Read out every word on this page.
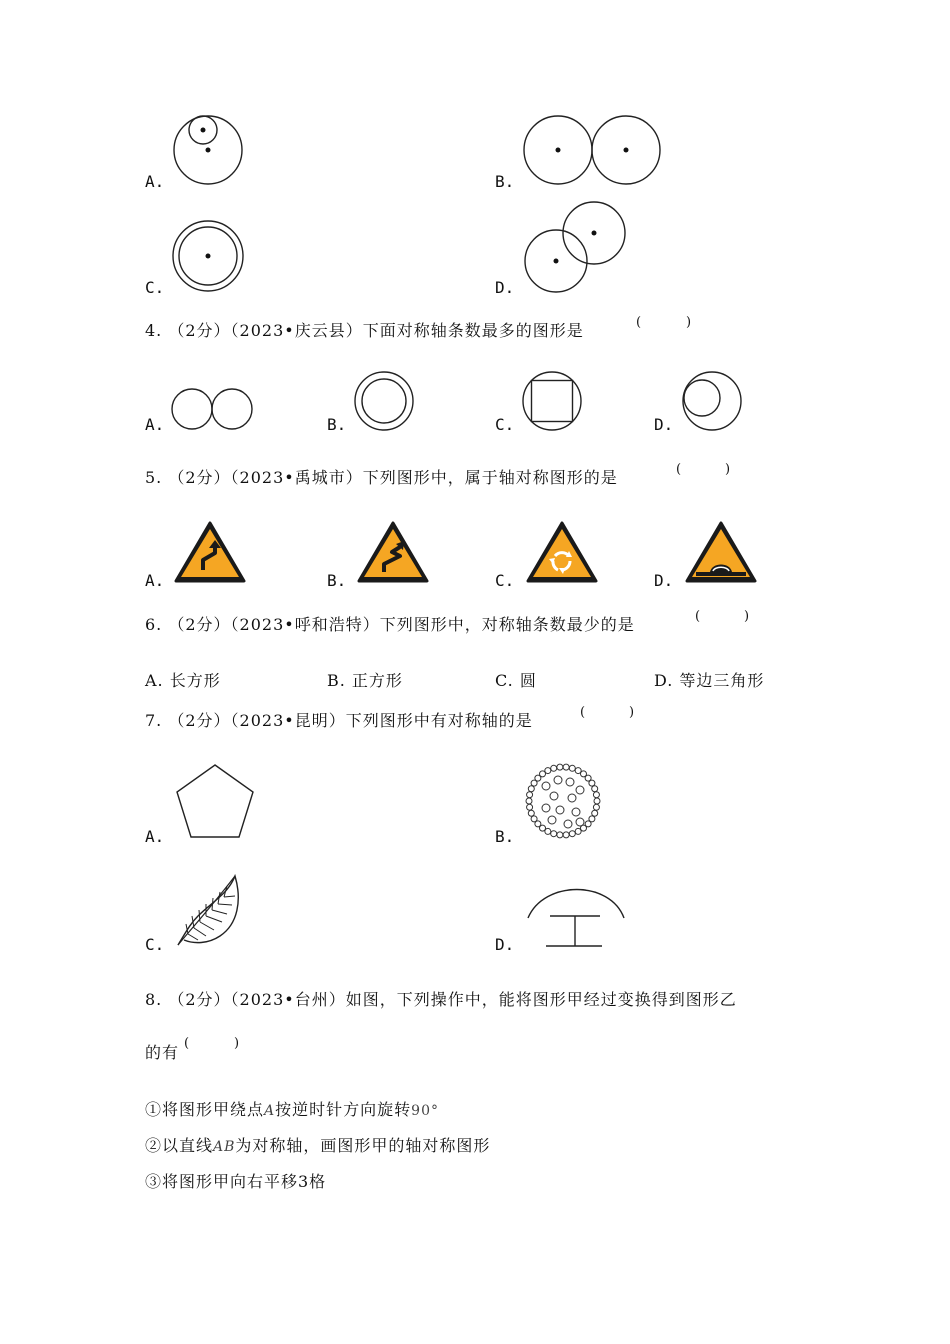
A.	B.
C.	D.
4. （2分）（2023•庆云县）下面对称轴条数最多的图形是	(	)
A.	B.	C.	D.
5. （2分）（2023•禹城市）下列图形中，属于轴对称图形的是	(	)
A.	B.	C.	D.
6. （2分）（2023•呼和浩特）下列图形中，对称轴条数最少的是	(	)
A. 长方形	B. 正方形	C. 圆	D. 等边三角形
7. （2分）（2023•昆明）下列图形中有对称轴的是	(	)
A.	B.
C.	D.
8. （2分）（2023•台州）如图，下列操作中，能将图形甲经过变换得到图形乙
的有 (	)
①将图形甲绕点A按逆时针方向旋转90°
②以直线AB为对称轴，画图形甲的轴对称图形
③将图形甲向右平移3格
